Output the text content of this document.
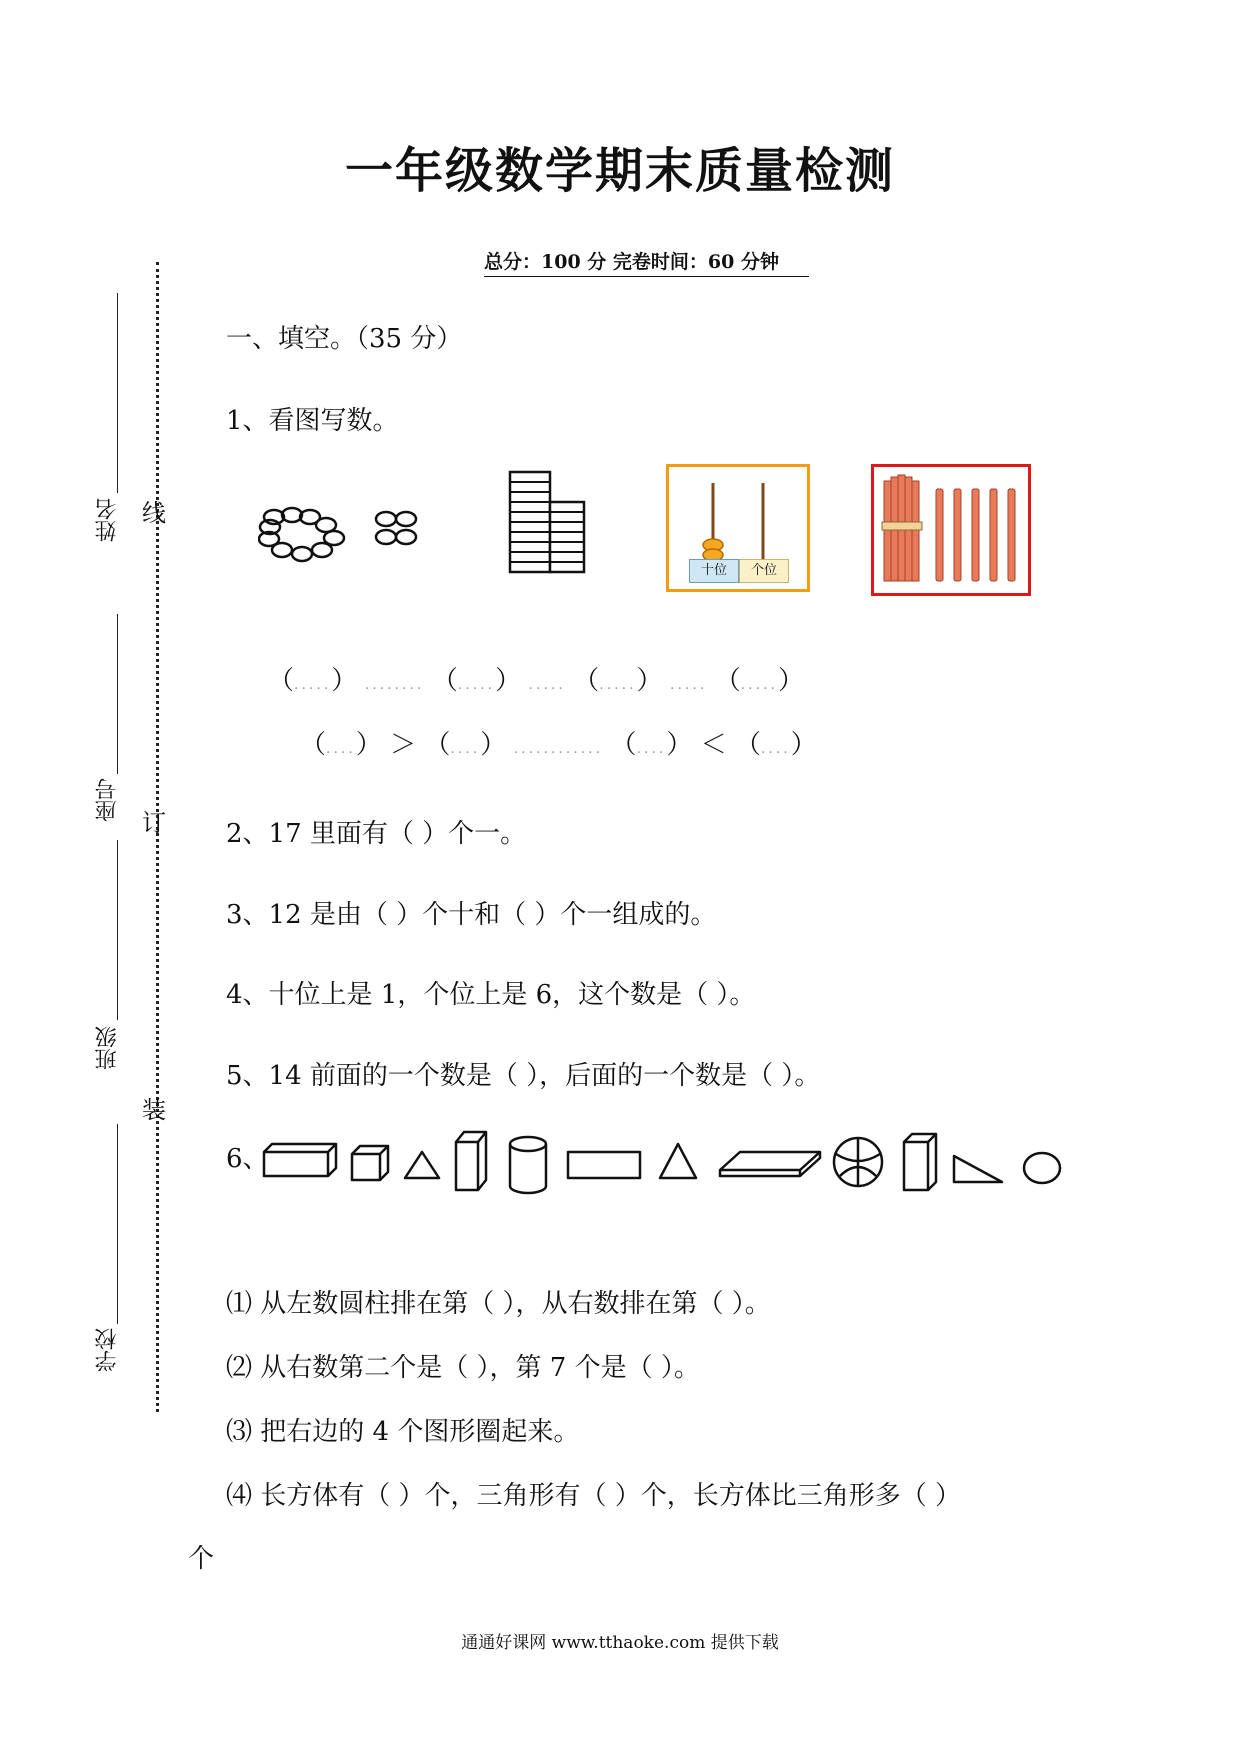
一年级数学期末质量检测
总分：100 分 完卷时间：60 分钟
线
订
装
姓名
座号
班级
学校
一、填空。（35 分）
1、看图写数。
十位	个位
（.....） ........ （.....） ..... （.....） ..... （.....）
（....） ＞ （....） ............ （....） ＜ （....）
2、17 里面有（ ）个一。
3、12 是由（ ）个十和（ ）个一组成的。
4、十位上是 1，个位上是 6，这个数是（ ）。
5、14 前面的一个数是（ ），后面的一个数是（ ）。
6、
⑴ 从左数圆柱排在第（ ），从右数排在第（ ）。
⑵ 从右数第二个是（ ），第 7 个是（ ）。
⑶ 把右边的 4 个图形圈起来。
⑷ 长方体有（ ）个，三角形有（ ）个，长方体比三角形多（ ）
个
通通好课网 www.tthaoke.com 提供下载
